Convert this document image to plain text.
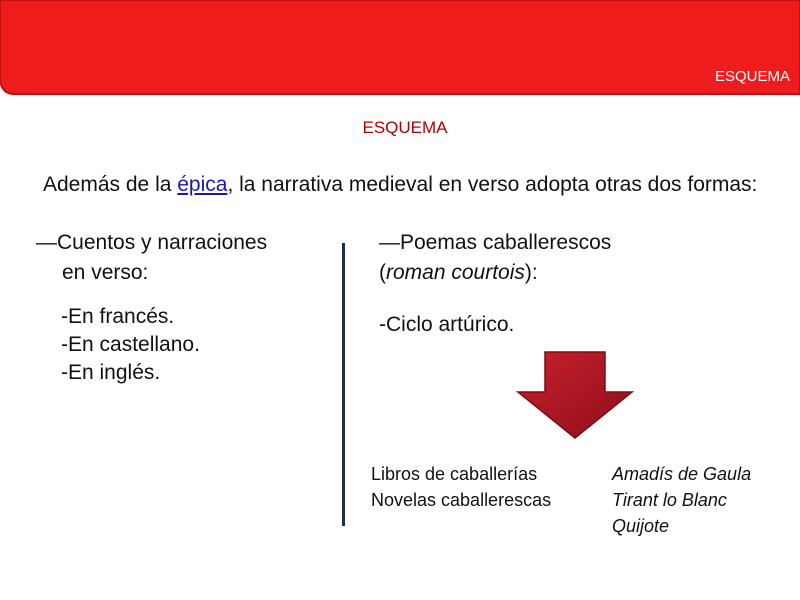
ESQUEMA
ESQUEMA
Además de la épica, la narrativa medieval en verso adopta otras dos formas:
—Cuentos y narraciones
en verso:
-En francés.
-En castellano.
-En inglés.
—Poemas caballerescos
(roman courtois):
-Ciclo artúrico.
Libros de caballerías
Novelas caballerescas
Amadís de Gaula
Tirant lo Blanc
Quijote
